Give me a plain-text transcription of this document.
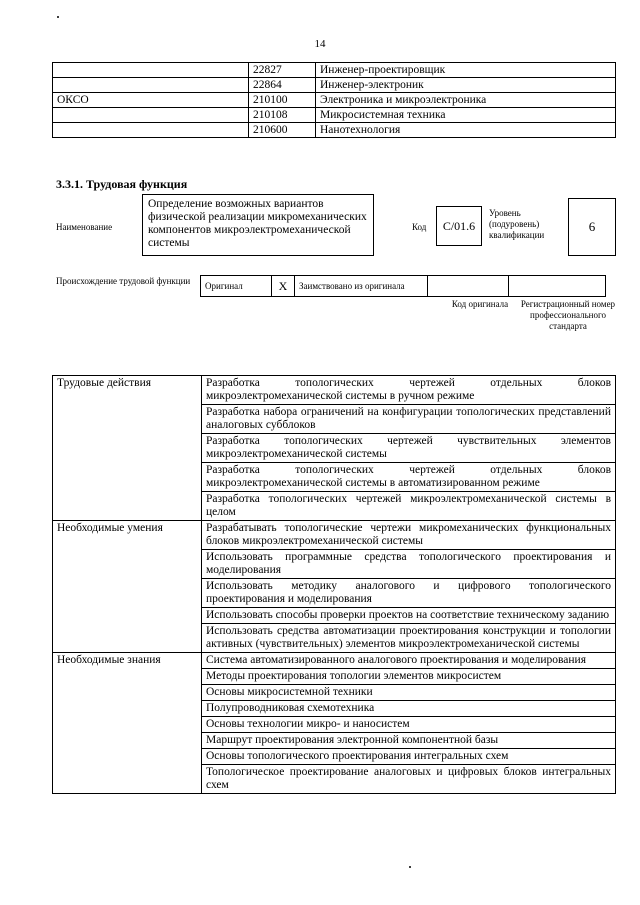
14
	22827	Инженер-проектировщик
	22864	Инженер-электроник
ОКСО	210100	Электроника и микроэлектроника
	210108	Микросистемная техника
	210600	Нанотехнология
3.3.1. Трудовая функция
Наименование
Определение возможных вариантов физической реализации микромеханических компонентов микроэлектромеханической системы
Код	C/01.6
Уровень (подуровень) квалификации
6
Происхождение трудовой функции	Оригинал	X	Заимствовано из оригинала		
Код оригинала	Регистрационный номер профессионального стандарта
Трудовые действия	Разработка топологических чертежей отдельных блоков микроэлектромеханической системы в ручном режиме
	Разработка набора ограничений на конфигурации топологических представлений аналоговых субблоков
	Разработка топологических чертежей чувствительных элементов микроэлектромеханической системы
	Разработка топологических чертежей отдельных блоков микроэлектромеханической системы в автоматизированном режиме
	Разработка топологических чертежей микроэлектромеханической системы в целом
Необходимые умения	Разрабатывать топологические чертежи микромеханических функциональных блоков микроэлектромеханической системы
	Использовать программные средства топологического проектирования и моделирования
	Использовать методику аналогового и цифрового топологического проектирования и моделирования
	Использовать способы проверки проектов на соответствие техническому заданию
	Использовать средства автоматизации проектирования конструкции и топологии активных (чувствительных) элементов микроэлектромеханической системы
Необходимые знания	Система автоматизированного аналогового проектирования и моделирования
	Методы проектирования топологии элементов микросистем
	Основы микросистемной техники
	Полупроводниковая схемотехника
	Основы технологии микро- и наносистем
	Маршрут проектирования электронной компонентной базы
	Основы топологического проектирования интегральных схем
	Топологическое проектирование аналоговых и цифровых блоков интегральных схем
